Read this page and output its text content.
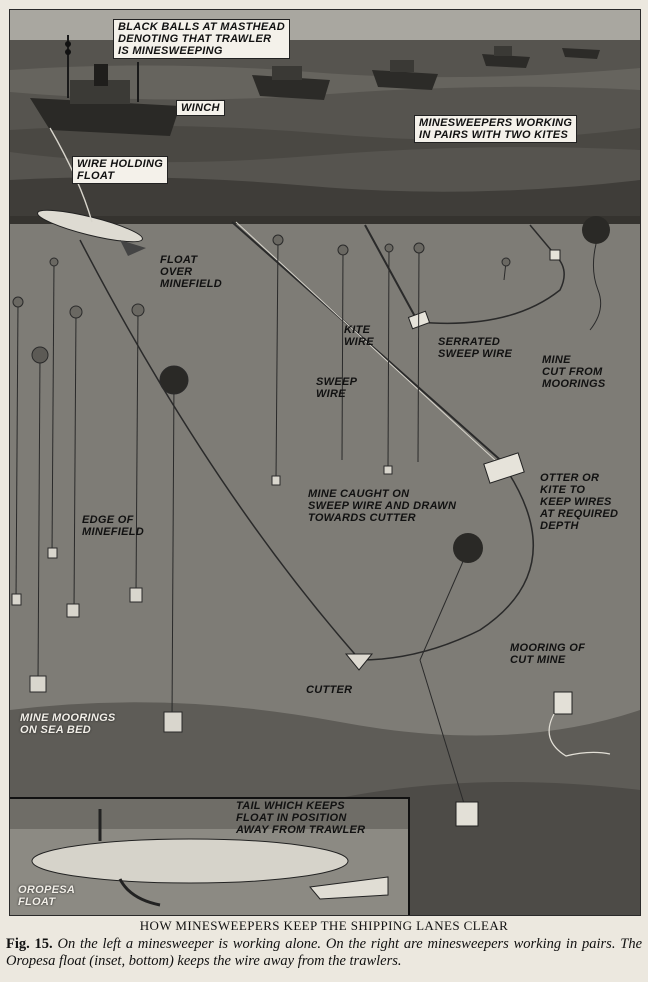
BLACK BALLS AT MASTHEAD
DENOTING THAT TRAWLER
IS MINESWEEPING
WINCH
WIRE HOLDING
FLOAT
MINESWEEPERS WORKING
IN PAIRS WITH TWO KITES
FLOAT
OVER
MINEFIELD
KITE
WIRE
SWEEP
WIRE
SERRATED
SWEEP WIRE	MINE
CUT FROM
MOORINGS
OTTER OR
KITE TO
KEEP WIRES
AT REQUIRED
DEPTH
MINE CAUGHT ON
SWEEP WIRE AND DRAWN
TOWARDS CUTTER
EDGE OF
MINEFIELD
MOORING OF
CUT MINE
CUTTER
MINE MOORINGS
ON SEA BED
TAIL WHICH KEEPS
FLOAT IN POSITION
AWAY FROM TRAWLER
OROPESA
FLOAT
HOW MINESWEEPERS KEEP THE SHIPPING LANES CLEAR
Fig. 15. On the left a minesweeper is working alone. On the right are minesweepers working in pairs. The Oropesa float (inset, bottom) keeps the wire away from the trawlers.
